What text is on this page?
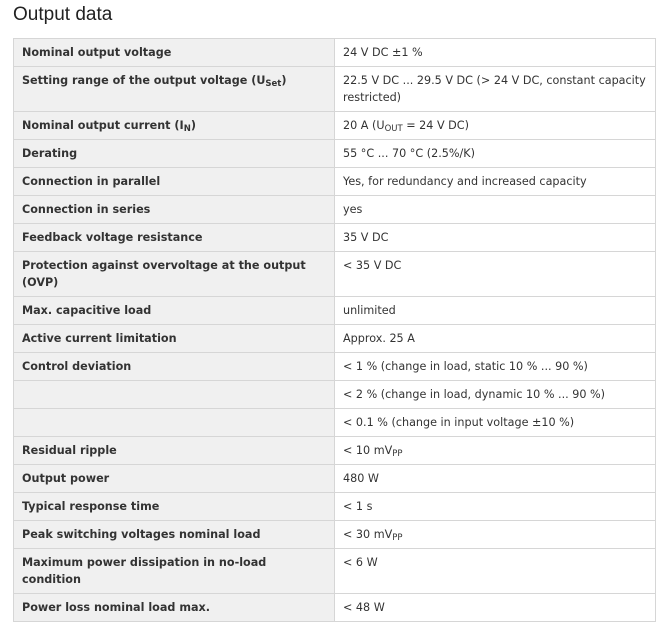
Output data
Nominal output voltage	24 V DC ±1 %
Setting range of the output voltage $(U_{Set})$	22.5 V DC ... 29.5 V DC (> 24 V DC, constant capacity restricted)
Nominal output current $(I_N)$	20 A ($U_{OUT} = 24$ V DC)
Derating	55 °C ... 70 °C (2.5%/K)
Connection in parallel	Yes, for redundancy and increased capacity
Connection in series	yes
Feedback voltage resistance	35 V DC
Protection against overvoltage at the output (OVP)	< 35 V DC
Max. capacitive load	unlimited
Active current limitation	Approx. 25 A
Control deviation	< 1 % (change in load, static 10 % ... 90 %)
	< 2 % (change in load, dynamic 10 % ... 90 %)
	< 0.1 % (change in input voltage ±10 %)
Residual ripple	< 10 $mV_{PP}$
Output power	480 W
Typical response time	< 1 s
Peak switching voltages nominal load	< 30 $mV_{PP}$
Maximum power dissipation in no-load condition	< 6 W
Power loss nominal load max.	< 48 W
